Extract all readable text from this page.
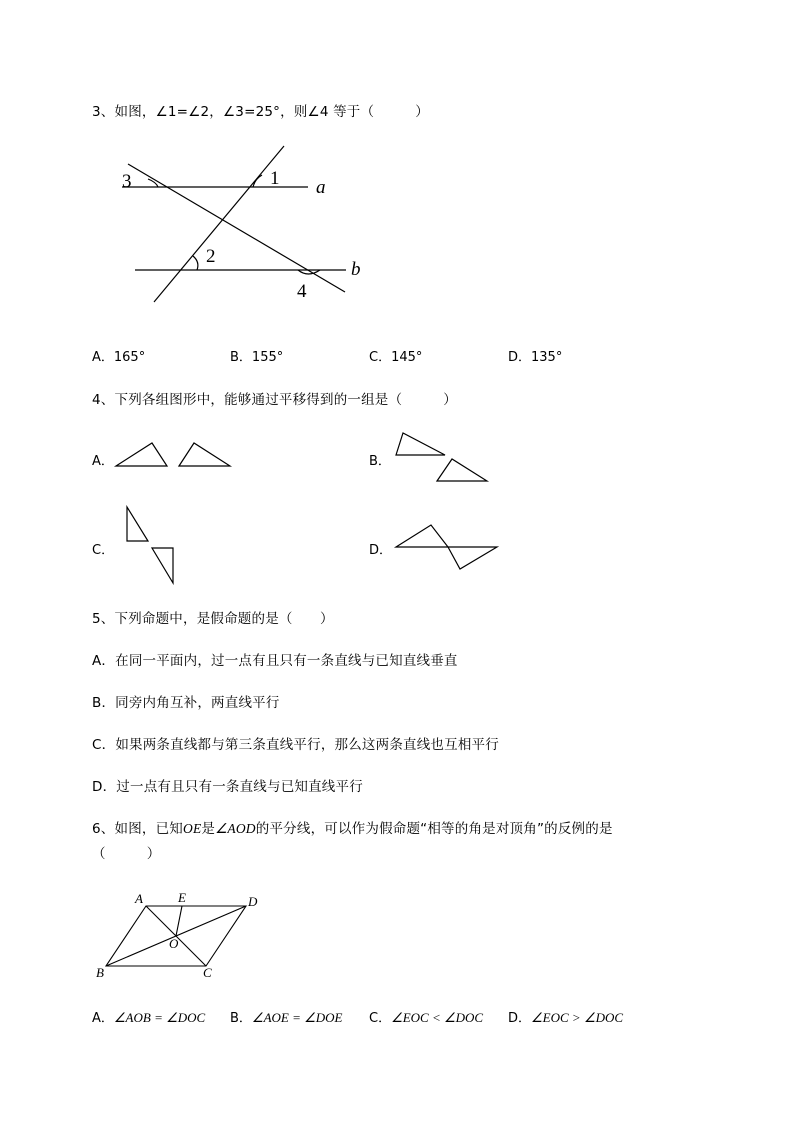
3、如图，∠1=∠2，∠3=25°，则∠4 等于（　　　）
3	1 a
2
b
4
A．165°	B．155°	C．145°	D．135°
4、下列各组图形中，能够通过平移得到的一组是（　　　）
A．	B．
C．	D．
5、下列命题中，是假命题的是（　　）
A．在同一平面内，过一点有且只有一条直线与已知直线垂直
B．同旁内角互补，两直线平行
C．如果两条直线都与第三条直线平行，那么这两条直线也互相平行
D．过一点有且只有一条直线与已知直线平行
6、如图，已知OE是∠AOD的平分线，可以作为假命题“相等的角是对顶角”的反例的是
（　　　）
A	E	D
O
B	C
A．∠AOB = ∠DOC B．∠AOE = ∠DOE C．∠EOC < ∠DOC D．∠EOC > ∠DOC
